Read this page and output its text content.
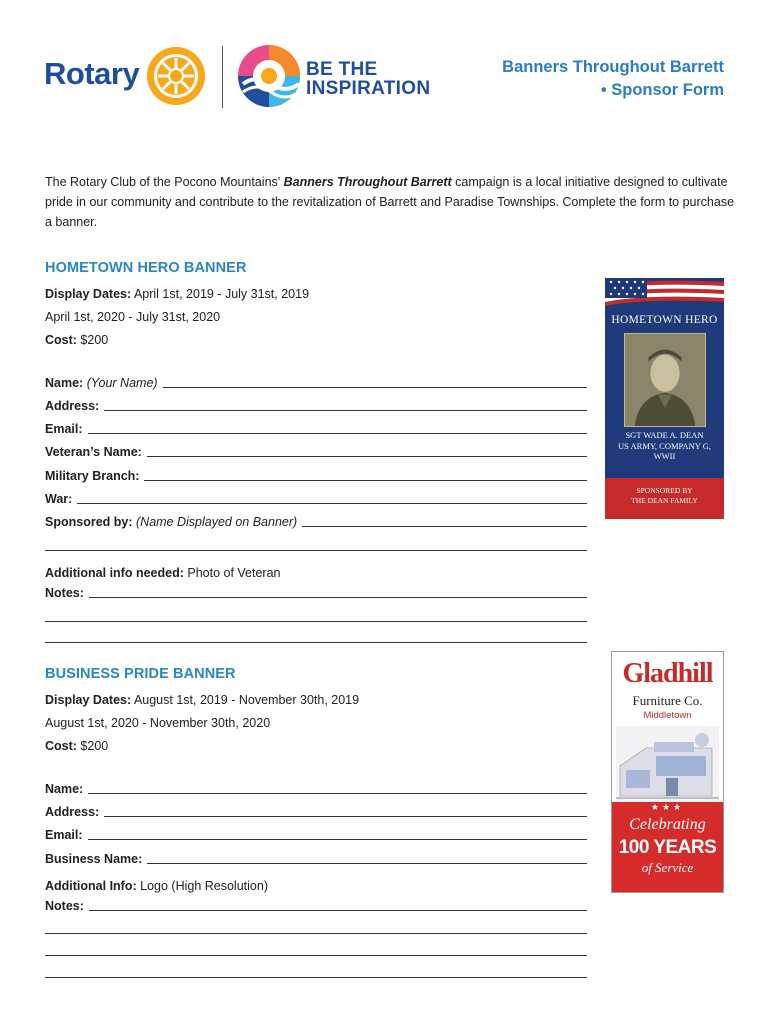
Rotary	BE THE
INSPIRATION
Banners Throughout Barrett
• Sponsor Form

The Rotary Club of the Pocono Mountains' Banners Throughout Barrett campaign is a local initiative designed to cultivate pride in our community and contribute to the revitalization of Barrett and Paradise Townships. Complete the form to purchase a banner.

HOMETOWN HERO BANNER
Display Dates: April 1st, 2019 - July 31st, 2019
April 1st, 2020 - July 31st, 2020
Cost: $200
Name: (Your Name)
Address:
Email:
Veteran’s Name:
Military Branch:
War:
Sponsored by: (Name Displayed on Banner)
Additional info needed: Photo of Veteran
Notes:
HOMETOWN HERO
SGT WADE A. DEAN
US ARMY, COMPANY G,
WWII
SPONSORED BY
THE DEAN FAMILY
BUSINESS PRIDE BANNER
Display Dates: August 1st, 2019 - November 30th, 2019
August 1st, 2020 - November 30th, 2020
Cost: $200
Name:
Address:
Email:
Business Name:
Additional Info: Logo (High Resolution)
Notes:
Gladhill
Furniture Co.
Middletown
★★★
Celebrating
100 YEARS
of Service
